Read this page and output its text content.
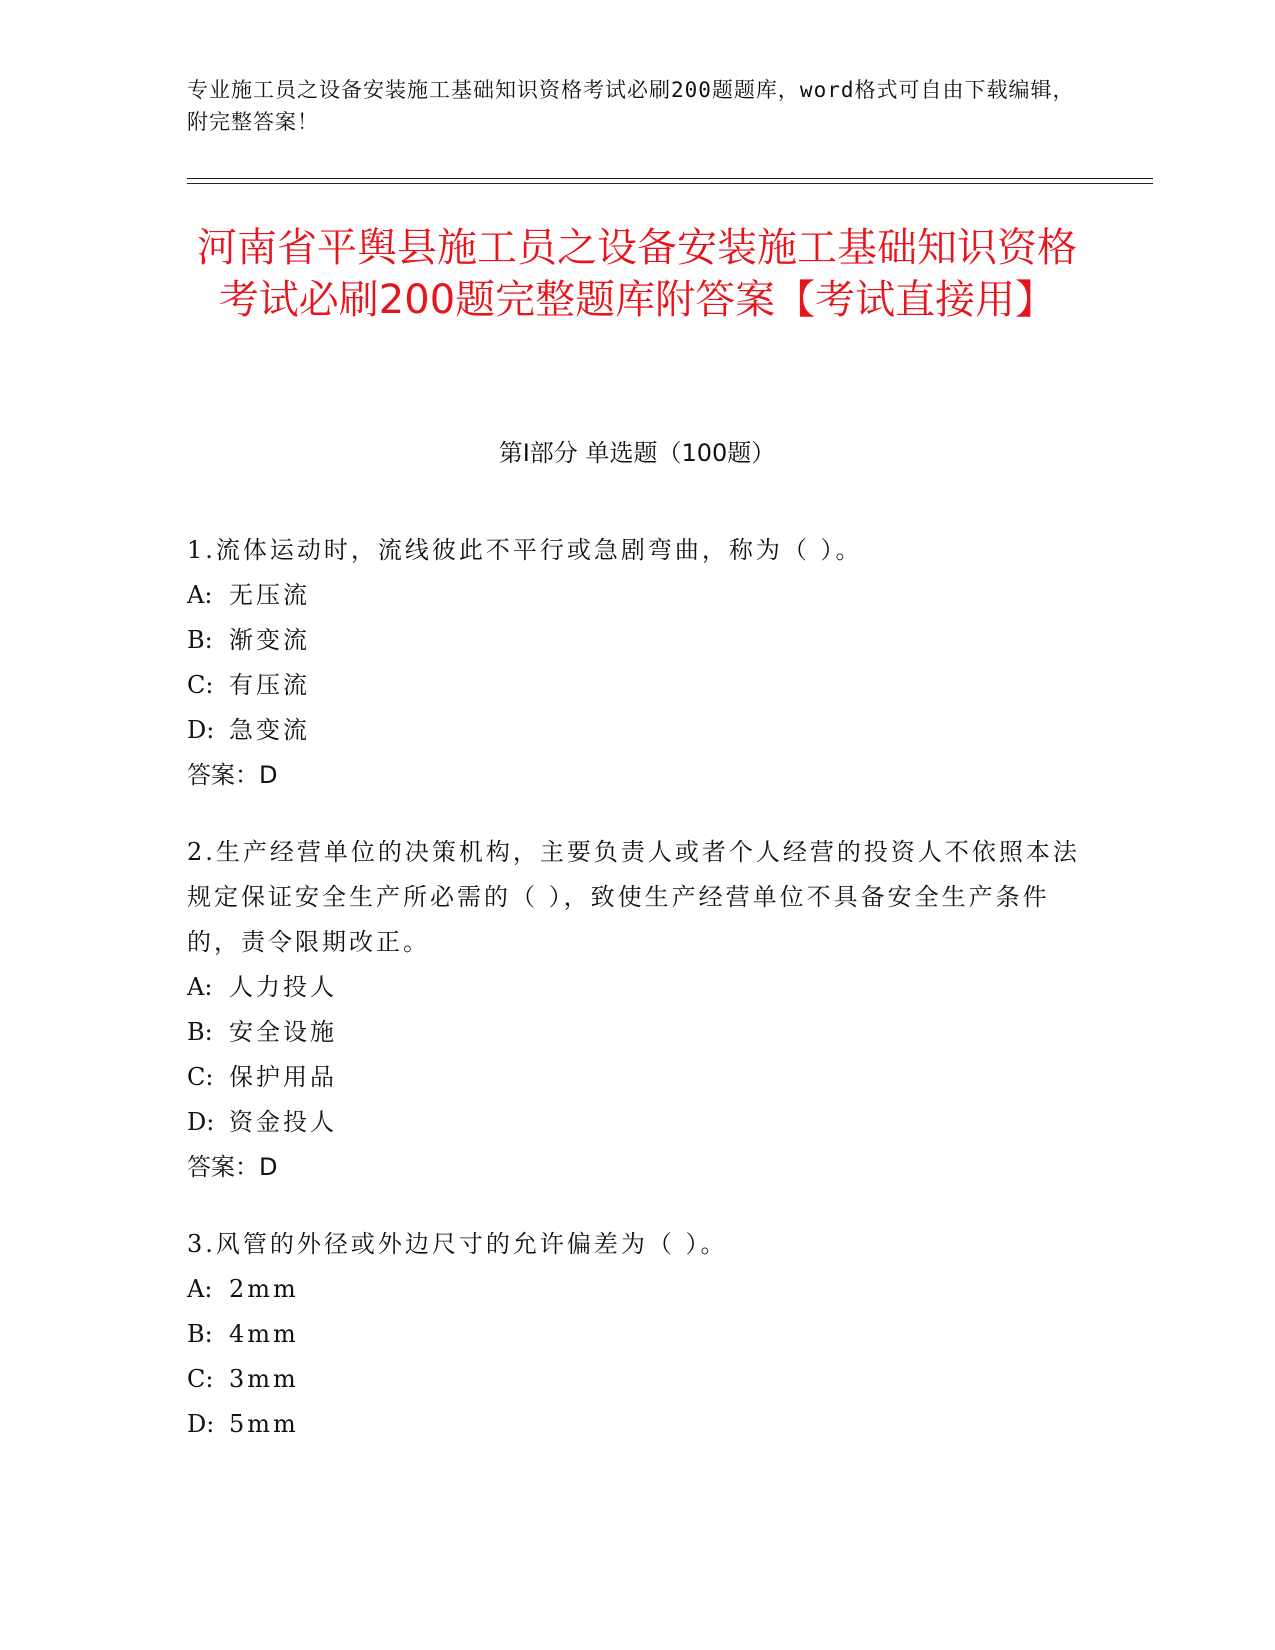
专业施工员之设备安装施工基础知识资格考试必刷200题题库，word格式可自由下载编辑，附完整答案！
河南省平舆县施工员之设备安装施工基础知识资格考试必刷200题完整题库附答案【考试直接用】
第Ⅰ部分 单选题（100题）
1.流体运动时，流线彼此不平行或急剧弯曲，称为（ ）。
A: 无压流
B: 渐变流
C: 有压流
D: 急变流
答案：D
2.生产经营单位的决策机构，主要负责人或者个人经营的投资人不依照本法规定保证安全生产所必需的（ ），致使生产经营单位不具备安全生产条件的，责令限期改正。
A: 人力投人
B: 安全设施
C: 保护用品
D: 资金投人
答案：D
3.风管的外径或外边尺寸的允许偏差为（ ）。
A: 2mm
B: 4mm
C: 3mm
D: 5mm
